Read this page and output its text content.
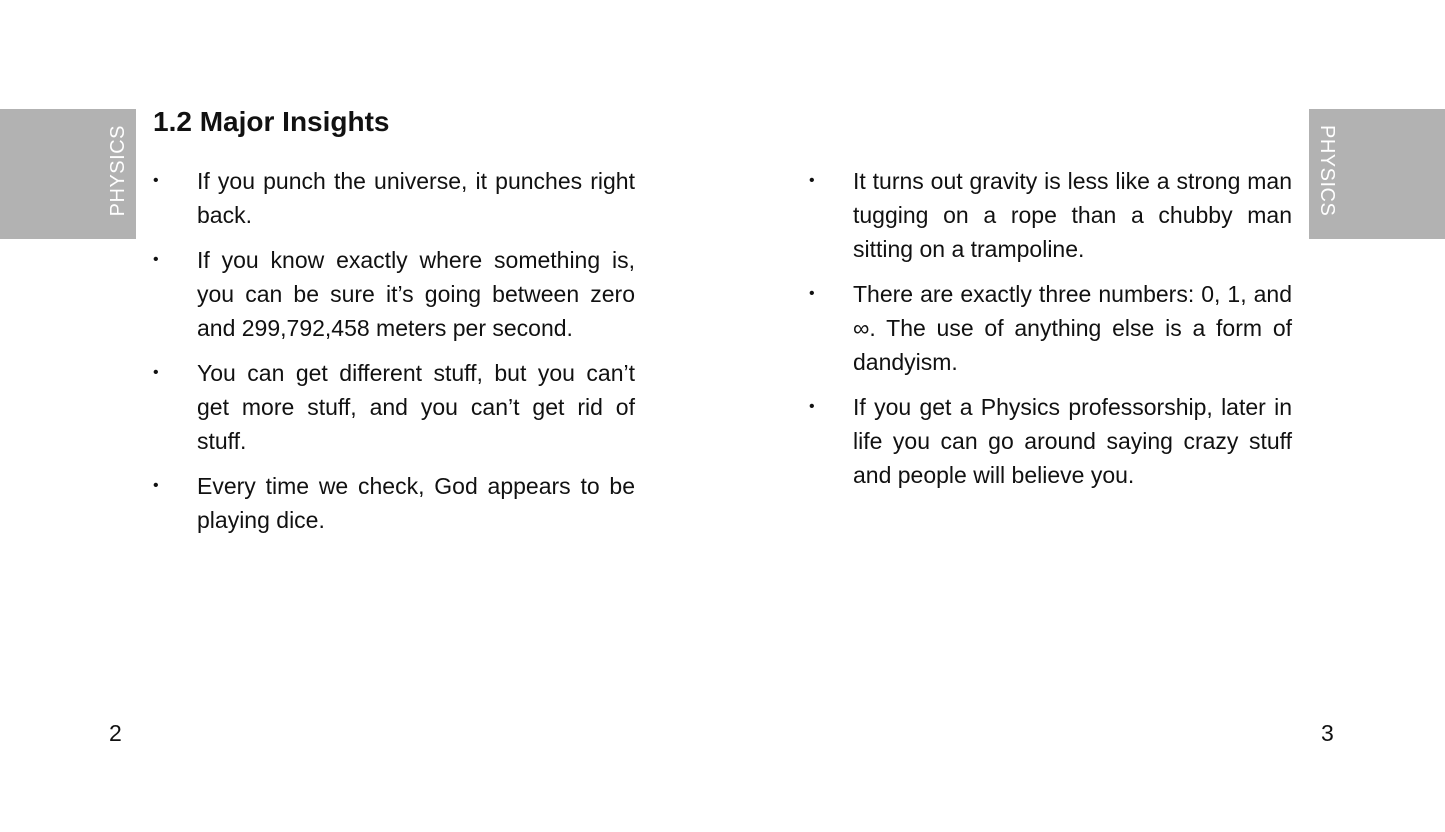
PHYSICS
1.2 Major Insights
• If you punch the universe, it punches right back.
• If you know exactly where something is, you can be sure it’s going between zero and 299,792,458 meters per second.
• You can get different stuff, but you can’t get more stuff, and you can’t get rid of stuff.
• Every time we check, God appears to be playing dice.
2
PHYSICS
• It turns out gravity is less like a strong man tugging on a rope than a chubby man sitting on a trampoline.
• There are exactly three numbers: 0, 1, and ∞. The use of anything else is a form of dandyism.
• If you get a Physics professorship, later in life you can go around saying crazy stuff and people will believe you.
3
